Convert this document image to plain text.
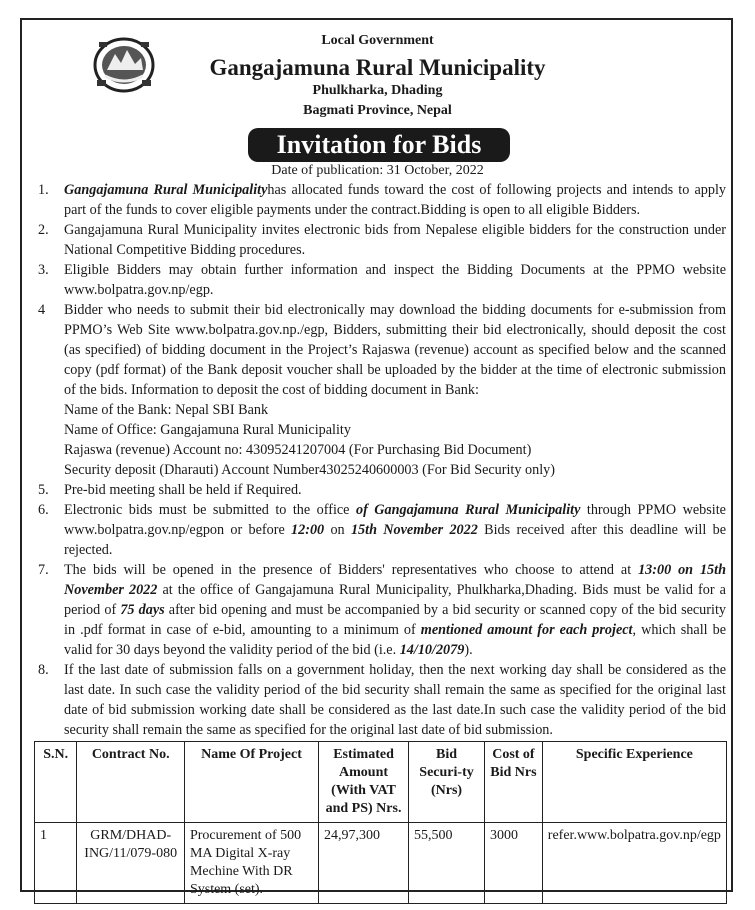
Local Government
Gangajamuna Rural Municipality
Phulkharka, Dhading
Bagmati Province, Nepal
Invitation for Bids
Date of publication: 31 October, 2022
1.	Gangajamuna Rural Municipalityhas allocated funds toward the cost of following projects and intends to apply part of the funds to cover eligible payments under the contract.Bidding is open to all eligible Bidders.
2.	Gangajamuna Rural Municipality invites electronic bids from Nepalese eligible bidders for the construction under National Competitive Bidding procedures.
3.	Eligible Bidders may obtain further information and inspect the Bidding Documents at the PPMO website www.bolpatra.gov.np/egp.
4	Bidder who needs to submit their bid electronically may download the bidding documents for e-submission from PPMO’s Web Site www.bolpatra.gov.np./egp, Bidders, submitting their bid electronically, should deposit the cost (as specified) of bidding document in the Project’s Rajaswa (revenue) account as specified below and the scanned copy (pdf format) of the Bank deposit voucher shall be uploaded by the bidder at the time of electronic submission of the bids. Information to deposit the cost of bidding document in Bank:

Name of the Bank: Nepal SBI Bank

Name of Office: Gangajamuna Rural Municipality

Rajaswa (revenue) Account no: 43095241207004 (For Purchasing Bid Document)

Security deposit (Dharauti) Account Number43025240600003 (For Bid Security only)

5.	Pre-bid meeting shall be held if Required.
6.	Electronic bids must be submitted to the office of Gangajamuna Rural Municipality through PPMO website www.bolpatra.gov.np/egpon or before 12:00 on 15th November 2022 Bids received after this deadline will be rejected.
7.	The bids will be opened in the presence of Bidders' representatives who choose to attend at 13:00 on 15th November 2022 at the office of Gangajamuna Rural Municipality, Phulkharka,Dhading. Bids must be valid for a period of 75 days after bid opening and must be accompanied by a bid security or scanned copy of the bid security in .pdf format in case of e-bid, amounting to a minimum of mentioned amount for each project, which shall be valid for 30 days beyond the validity period of the bid (i.e. 14/10/2079).
8.	If the last date of submission falls on a government holiday, then the next working day shall be considered as the last date. In such case the validity period of the bid security shall remain the same as specified for the original last date of bid submission working date shall be considered as the last date.In such case the validity period of the bid security shall remain the same as specified for the original last date of bid submission.
S.N.	Contract No.	Name Of Project	Estimated Amount (With VAT and PS) Nrs.	Bid Securi-ty (Nrs)	Cost of Bid Nrs	Specific Experience
1	GRM/DHAD-ING/11/079-080	Procurement of 500 MA Digital X-ray Mechine With DR System (set).	24,97,300	55,500	3000	refer.www.bolpatra.gov.np/egp
